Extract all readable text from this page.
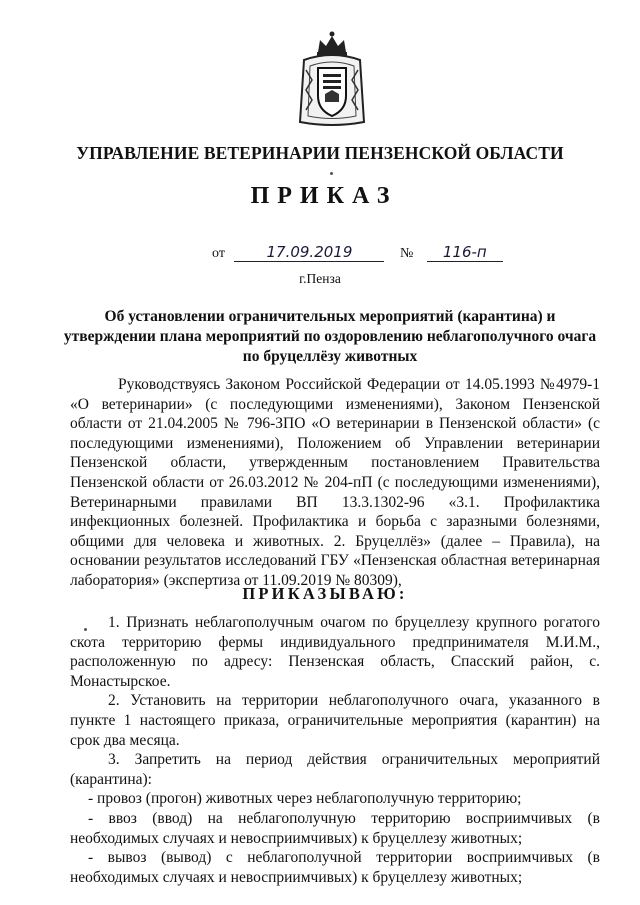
УПРАВЛЕНИЕ ВЕТЕРИНАРИИ ПЕНЗЕНСКОЙ ОБЛАСТИ
ПРИКАЗ
от	17.09.2019	№ 116-п
г.Пенза
Об установлении ограничительных мероприятий (карантина) и утверждении плана мероприятий по оздоровлению неблагополучного очага по бруцеллёзу животных
Руководствуясь Законом Российской Федерации от 14.05.1993 №4979-1 «О ветеринарии» (с последующими изменениями), Законом Пензенской области от 21.04.2005 № 796-ЗПО «О ветеринарии в Пензенской области» (с последующими изменениями), Положением об Управлении ветеринарии Пензенской области, утвержденным постановлением Правительства Пензенской области от 26.03.2012 № 204-пП (с последующими изменениями), Ветеринарными правилами ВП 13.3.1302-96 «3.1. Профилактика инфекционных болезней. Профилактика и борьба с заразными болезнями, общими для человека и животных. 2. Бруцеллёз» (далее – Правила), на основании результатов исследований ГБУ «Пензенская областная ветеринарная лаборатория» (экспертиза от 11.09.2019 № 80309),
ПРИКАЗЫВАЮ:

1. Признать неблагополучным очагом по бруцеллезу крупного рогатого скота территорию фермы индивидуального предпринимателя М.И.М., расположенную по адресу: Пензенская область, Спасский район, с. Монастырское.

2. Установить на территории неблагополучного очага, указанного в пункте 1 настоящего приказа, ограничительные мероприятия (карантин) на срок два месяца.

3. Запретить на период действия ограничительных мероприятий (карантина):

- провоз (прогон) животных через неблагополучную территорию;

- ввоз (ввод) на неблагополучную территорию восприимчивых (в необходимых случаях и невосприимчивых) к бруцеллезу животных;

- вывоз (вывод) с неблагополучной территории восприимчивых (в необходимых случаях и невосприимчивых) к бруцеллезу животных;
